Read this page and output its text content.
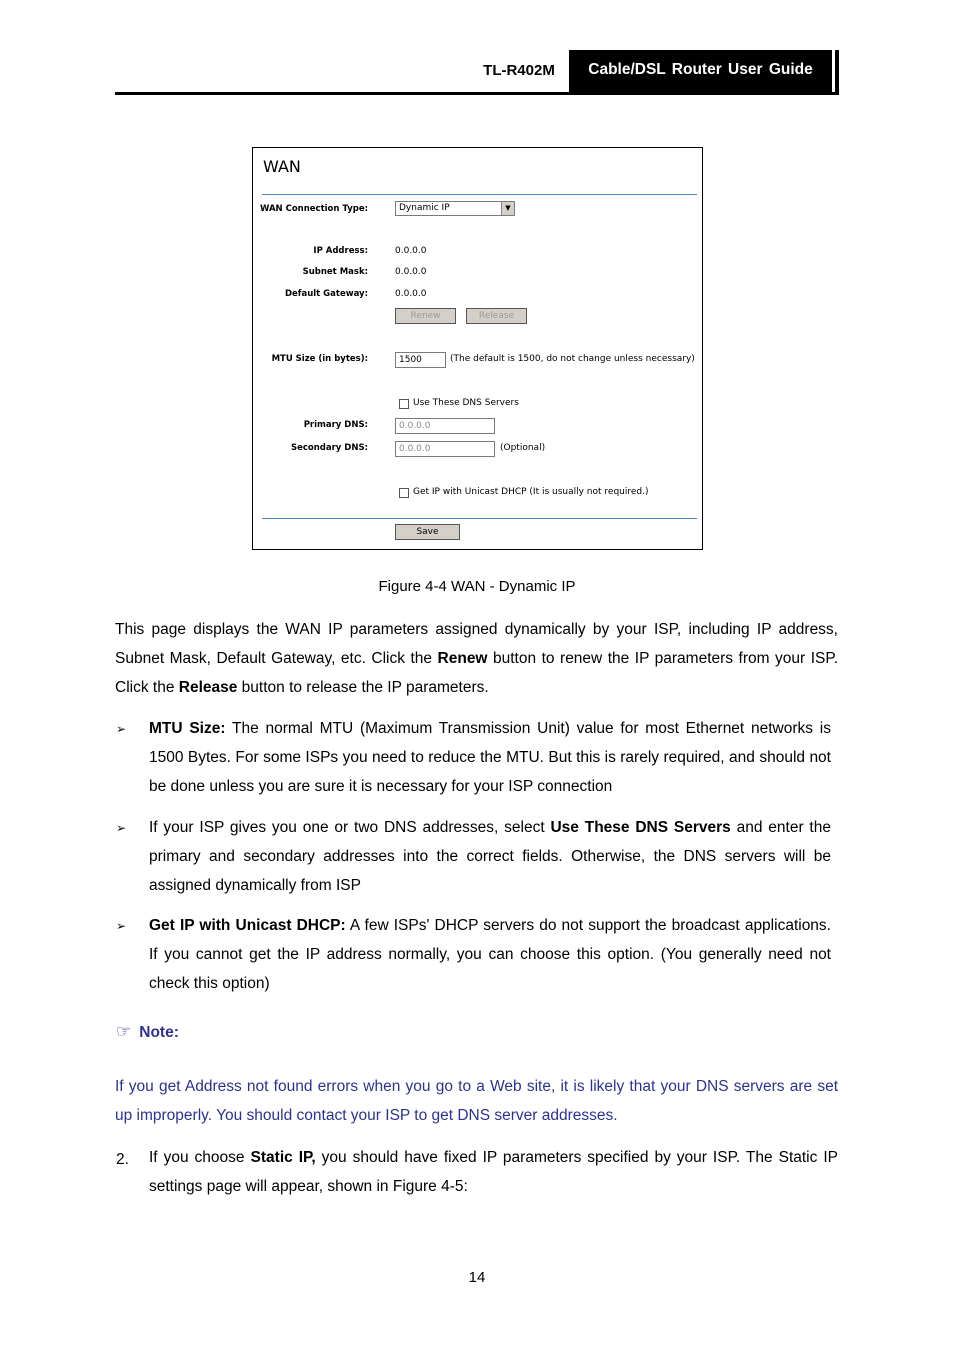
TL-R402M	Cable/DSL Router User Guide
WAN
WAN Connection Type:	Dynamic IP	▼
IP Address:	0.0.0.0
Subnet Mask:	0.0.0.0
Default Gateway:	0.0.0.0
Renew	Release
MTU Size (in bytes):	1500	(The default is 1500, do not change unless necessary)
Use These DNS Servers
Primary DNS:	0.0.0.0
Secondary DNS:	0.0.0.0	(Optional)
Get IP with Unicast DHCP (It is usually not required.)
Save
Figure 4-4 WAN - Dynamic IP
This page displays the WAN IP parameters assigned dynamically by your ISP, including IP address, Subnet Mask, Default Gateway, etc. Click the Renew button to renew the IP parameters from your ISP. Click the Release button to release the IP parameters.
➢ MTU Size: The normal MTU (Maximum Transmission Unit) value for most Ethernet networks is 1500 Bytes. For some ISPs you need to reduce the MTU. But this is rarely required, and should not be done unless you are sure it is necessary for your ISP connection
➢ If your ISP gives you one or two DNS addresses, select Use These DNS Servers and enter the primary and secondary addresses into the correct fields. Otherwise, the DNS servers will be assigned dynamically from ISP
➢ Get IP with Unicast DHCP: A few ISPs' DHCP servers do not support the broadcast applications. If you cannot get the IP address normally, you can choose this option. (You generally need not check this option)
☞ Note:
If you get Address not found errors when you go to a Web site, it is likely that your DNS servers are set up improperly. You should contact your ISP to get DNS server addresses.
2. If you choose Static IP, you should have fixed IP parameters specified by your ISP. The Static IP settings page will appear, shown in Figure 4-5:
14
